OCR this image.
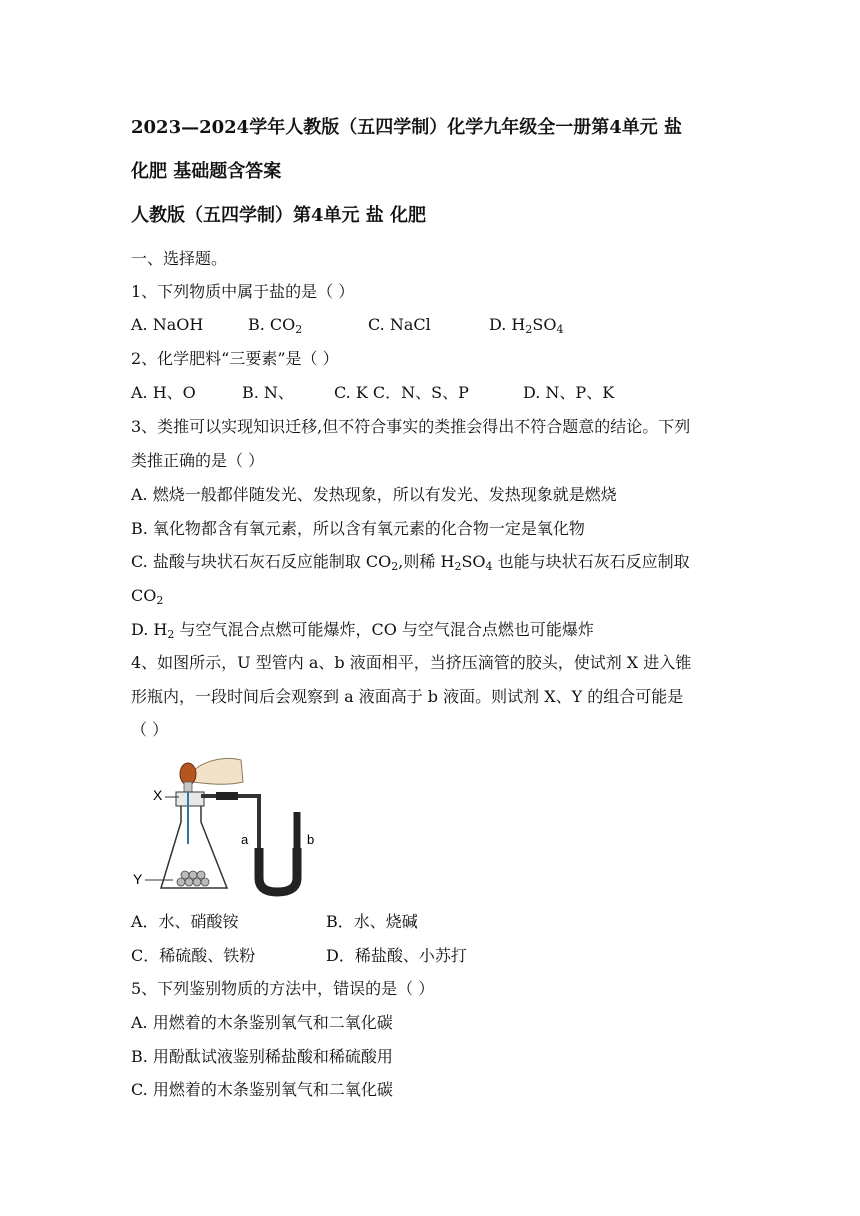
2023—2024学年人教版（五四学制）化学九年级全一册第4单元 盐
化肥 基础题含答案
人教版（五四学制）第4单元 盐 化肥
一、选择题。
1、下列物质中属于盐的是（ ）
A. NaOH	B. $CO_2$	C. NaCl	D. $H_2SO_4$
2、化学肥料“三要素”是（ ）
A. H、O	B. N、	C. K C．N、S、P	D. N、P、K
3、类推可以实现知识迁移,但不符合事实的类推会得出不符合题意的结论。下列
类推正确的是（ ）
A. 燃烧一般都伴随发光、发热现象，所以有发光、发热现象就是燃烧
B. 氧化物都含有氧元素，所以含有氧元素的化合物一定是氧化物
C. 盐酸与块状石灰石反应能制取 $CO_2$,则稀 $H_2SO_4$ 也能与块状石灰石反应制取
$CO_2$
D. $H_2$ 与空气混合点燃可能爆炸，CO 与空气混合点燃也可能爆炸
4、如图所示，U 型管内 a、b 液面相平，当挤压滴管的胶头，使试剂 X 进入锥
形瓶内，一段时间后会观察到 a 液面高于 b 液面。则试剂 X、Y 的组合可能是
（ ）
X
Y
a	b
A．水、硝酸铵	B．水、烧碱
C．稀硫酸、铁粉	D．稀盐酸、小苏打
5、下列鉴别物质的方法中，错误的是（ ）
A. 用燃着的木条鉴别氧气和二氧化碳
B. 用酚酞试液鉴别稀盐酸和稀硫酸用
C. 用燃着的木条鉴别氧气和二氧化碳
